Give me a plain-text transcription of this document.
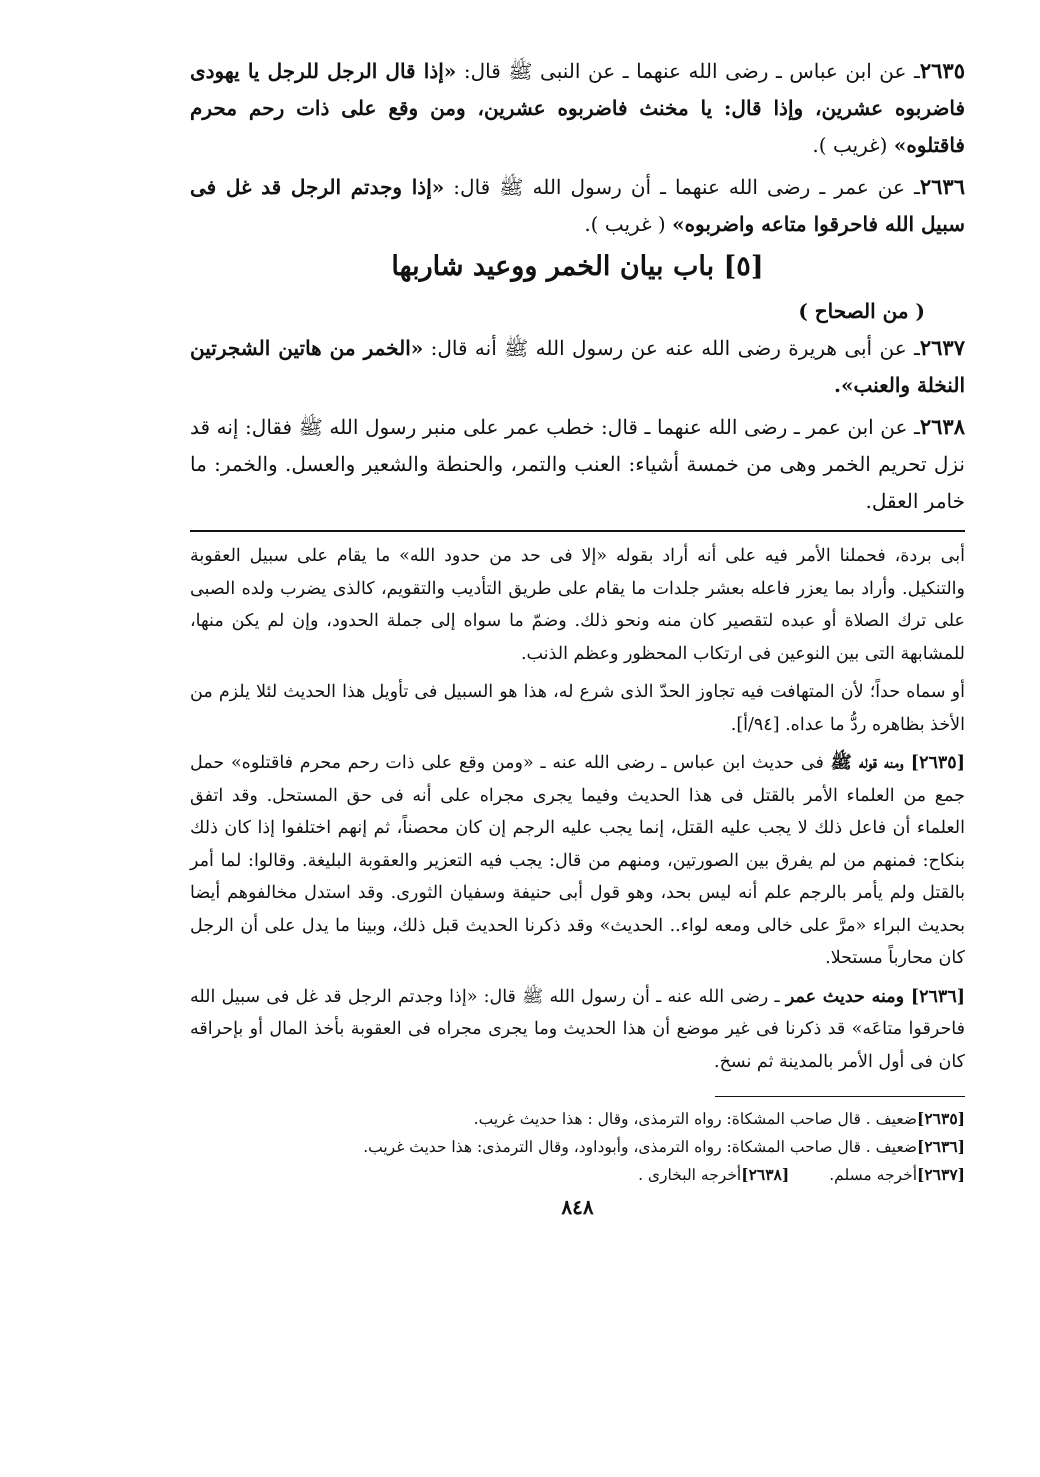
٢٦٣٥ـ عن ابن عباس ـ رضى الله عنهما ـ عن النبى ﷺ قال: «إذا قال الرجل للرجل يا يهودى فاضربوه عشرين، وإذا قال: يا مخنث فاضربوه عشرين، ومن وقع على ذات رحم محرم فاقتلوه» (غريب ).

٢٦٣٦ـ عن عمر ـ رضى الله عنهما ـ أن رسول الله ﷺ قال: «إذا وجدتم الرجل قد غل فى سبيل الله فاحرقوا متاعه واضربوه» ( غريب ).

[٥] باب بيان الخمر ووعيد شاربها

( من الصحاح )

٢٦٣٧ـ عن أبى هريرة رضى الله عنه عن رسول الله ﷺ أنه قال: «الخمر من هاتين الشجرتين النخلة والعنب».

٢٦٣٨ـ عن ابن عمر ـ رضى الله عنهما ـ قال: خطب عمر على منبر رسول الله ﷺ فقال: إنه قد نزل تحريم الخمر وهى من خمسة أشياء: العنب والتمر، والحنطة والشعير والعسل. والخمر: ما خامر العقل.

أبى بردة، فحملنا الأمر فيه على أنه أراد بقوله «إلا فى حد من حدود الله» ما يقام على سبيل العقوبة والتنكيل. وأراد بما يعزر فاعله بعشر جلدات ما يقام على طريق التأديب والتقويم، كالذى يضرب ولده الصبى على ترك الصلاة أو عبده لتقصير كان منه ونحو ذلك. وضمّ ما سواه إلى جملة الحدود، وإن لم يكن منها، للمشابهة التى بين النوعين فى ارتكاب المحظور وعظم الذنب.

أو سماه حداً؛ لأن المتهافت فيه تجاوز الحدّ الذى شرع له، هذا هو السبيل فى تأويل هذا الحديث لئلا يلزم من الأخذ بظاهره ردُّ ما عداه. [٩٤/أ].

[٢٦٣٥] ومنه قوله ﷺ فى حديث ابن عباس ـ رضى الله عنه ـ «ومن وقع على ذات رحم محرم فاقتلوه» حمل جمع من العلماء الأمر بالقتل فى هذا الحديث وفيما يجرى مجراه على أنه فى حق المستحل. وقد اتفق العلماء أن فاعل ذلك لا يجب عليه القتل، إنما يجب عليه الرجم إن كان محصناً، ثم إنهم اختلفوا إذا كان ذلك بنكاح: فمنهم من لم يفرق بين الصورتين، ومنهم من قال: يجب فيه التعزير والعقوبة البليغة. وقالوا: لما أمر بالقتل ولم يأمر بالرجم علم أنه ليس بحد، وهو قول أبى حنيفة وسفيان الثورى. وقد استدل مخالفوهم أيضا بحديث البراء «مرَّ على خالى ومعه لواء.. الحديث» وقد ذكرنا الحديث قبل ذلك، وبينا ما يدل على أن الرجل كان محارباً مستحلا.

[٢٦٣٦] ومنه حديث عمر ـ رضى الله عنه ـ أن رسول الله ﷺ قال: «إذا وجدتم الرجل قد غل فى سبيل الله فاحرقوا متاعَه» قد ذكرنا فى غير موضع أن هذا الحديث وما يجرى مجراه فى العقوبة بأخذ المال أو بإحراقه كان فى أول الأمر بالمدينة ثم نسخ.

[٢٦٣٥]ضعيف . قال صاحب المشكاة: رواه الترمذى، وقال : هذا حديث غريب.

[٢٦٣٦]ضعيف . قال صاحب المشكاة: رواه الترمذى، وأبوداود، وقال الترمذى: هذا حديث غريب.

[٢٦٣٧]أخرجه مسلم.[٢٦٣٨]أخرجه البخارى .

٨٤٨
